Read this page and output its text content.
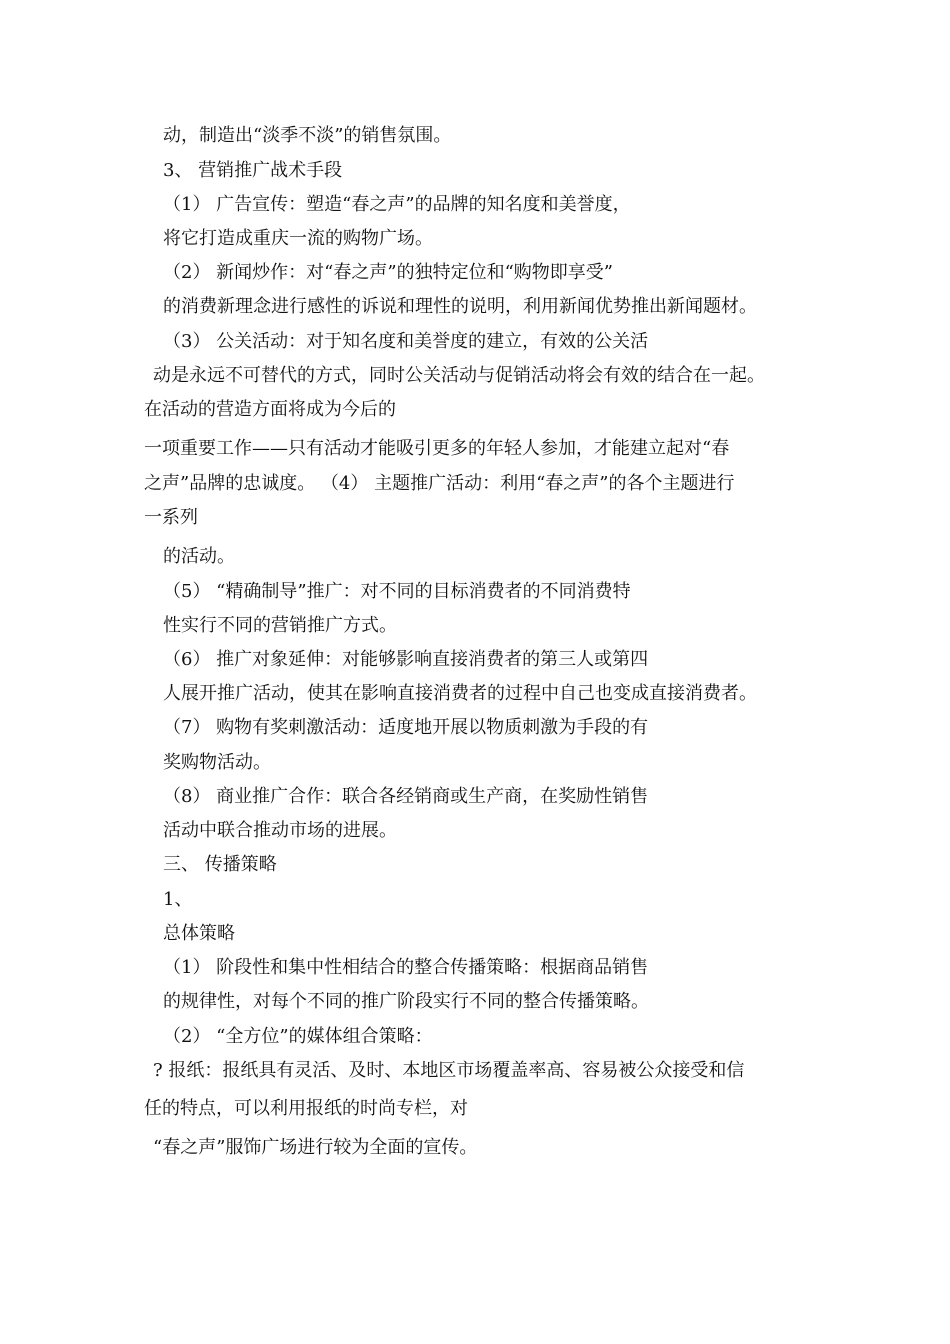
动，制造出“淡季不淡”的销售氛围。
3、 营销推广战术手段
（1） 广告宣传：塑造“春之声”的品牌的知名度和美誉度，
将它打造成重庆一流的购物广场。
（2） 新闻炒作：对“春之声”的独特定位和“购物即享受”
的消费新理念进行感性的诉说和理性的说明，利用新闻优势推出新闻题材。
（3） 公关活动：对于知名度和美誉度的建立，有效的公关活
动是永远不可替代的方式，同时公关活动与促销活动将会有效的结合在一起。
在活动的营造方面将成为今后的
一项重要工作——只有活动才能吸引更多的年轻人参加，才能建立起对“春
之声”品牌的忠诚度。 （4） 主题推广活动：利用“春之声”的各个主题进行
一系列
的活动。
（5） “精确制导”推广：对不同的目标消费者的不同消费特
性实行不同的营销推广方式。
（6） 推广对象延伸：对能够影响直接消费者的第三人或第四
人展开推广活动，使其在影响直接消费者的过程中自己也变成直接消费者。
（7） 购物有奖刺激活动：适度地开展以物质刺激为手段的有
奖购物活动。
（8） 商业推广合作：联合各经销商或生产商，在奖励性销售
活动中联合推动市场的进展。
三、 传播策略
1、
总体策略
（1） 阶段性和集中性相结合的整合传播策略：根据商品销售
的规律性，对每个不同的推广阶段实行不同的整合传播策略。
（2） “全方位”的媒体组合策略：
? 报纸：报纸具有灵活、及时、本地区市场覆盖率高、容易被公众接受和信
任的特点，可以利用报纸的时尚专栏，对
“春之声”服饰广场进行较为全面的宣传。
